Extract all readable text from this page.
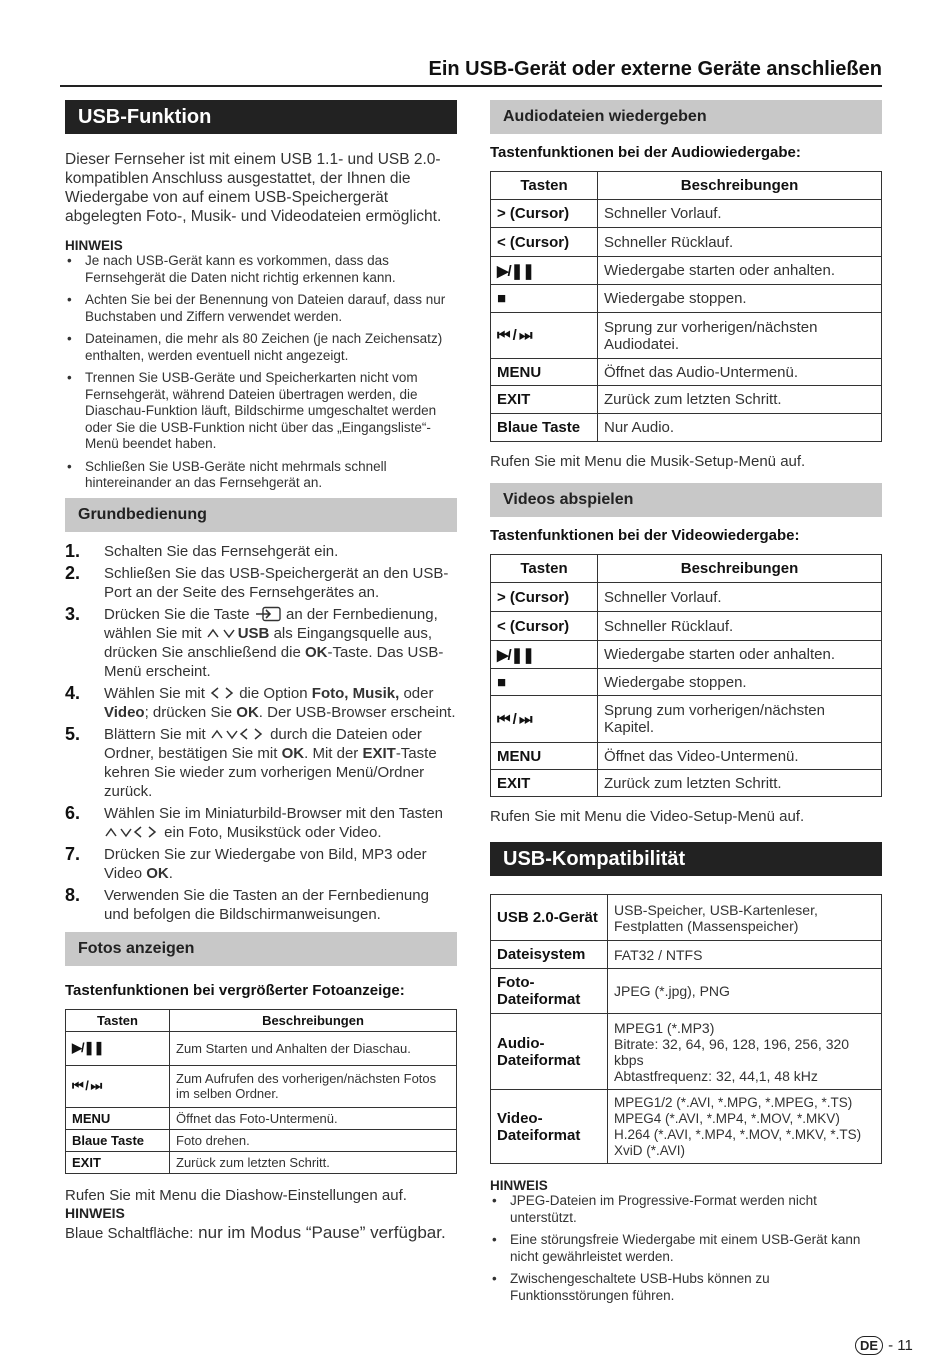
Ein USB-Gerät oder externe Geräte anschließen
USB-Funktion

Dieser Fernseher ist mit einem USB 1.1- und USB 2.0-kompatiblen Anschluss ausgestattet, der Ihnen die Wiedergabe von auf einem USB-Speichergerät abgelegten Foto-, Musik- und Videodateien ermöglicht.

HINWEIS
• Je nach USB-Gerät kann es vorkommen, dass das Fernsehgerät die Daten nicht richtig erkennen kann.
• Achten Sie bei der Benennung von Dateien darauf, dass nur Buchstaben und Ziffern verwendet werden.
• Dateinamen, die mehr als 80 Zeichen (je nach Zeichensatz) enthalten, werden eventuell nicht angezeigt.
• Trennen Sie USB-Geräte und Speicherkarten nicht vom Fernsehgerät, während Dateien übertragen werden, die Diaschau-Funktion läuft, Bildschirme umgeschaltet werden oder Sie die USB-Funktion nicht über das „Eingangsliste“-Menü beendet haben.
• Schließen Sie USB-Geräte nicht mehrmals schnell hintereinander an das Fernsehgerät an.
Grundbedienung
1.	Schalten Sie das Fernsehgerät ein.
2.	Schließen Sie das USB-Speichergerät an den USB-Port an der Seite des Fernsehgerätes an.
3.	Drücken Sie die Taste an der Fernbedienung, wählen Sie mit USB als Eingangsquelle aus, drücken Sie anschließend die OK-Taste. Das USB-Menü erscheint.
4.	Wählen Sie mit die Option Foto, Musik, oder Video; drücken Sie OK. Der USB-Browser erscheint.
5.	Blättern Sie mit	durch die Dateien oder Ordner, bestätigen Sie mit OK. Mit der EXIT-Taste kehren Sie wieder zum vorherigen Menü/Ordner zurück.
6.	Wählen Sie im Miniaturbild-Browser mit den Tasten  ein Foto, Musikstück oder Video.
7.	Drücken Sie zur Wiedergabe von Bild, MP3 oder Video OK.
8.	Verwenden Sie die Tasten an der Fernbedienung und befolgen die Bildschirmanweisungen.
Fotos anzeigen
Tastenfunktionen bei vergrößerter Fotoanzeige:
Tasten	Beschreibungen
▶/❚❚	Zum Starten und Anhalten der Diaschau.
⏮ / ⏭	Zum Aufrufen des vorherigen/nächsten Fotos im selben Ordner.
MENU	Öffnet das Foto-Untermenü.
Blaue Taste	Foto drehen.
EXIT	Zurück zum letzten Schritt.
Rufen Sie mit Menu die Diashow-Einstellungen auf.
HINWEIS
Blaue Schaltfläche: nur im Modus “Pause” verfügbar.
Audiodateien wiedergeben
Tastenfunktionen bei der Audiowiedergabe:
Tasten	Beschreibungen
> (Cursor)	Schneller Vorlauf.
< (Cursor)	Schneller Rücklauf.
▶/❚❚	Wiedergabe starten oder anhalten.
■	Wiedergabe stoppen.
⏮ / ⏭	Sprung zur vorherigen/nächsten Audiodatei.
MENU	Öffnet das Audio-Untermenü.
EXIT	Zurück zum letzten Schritt.
Blaue Taste	Nur Audio.
Rufen Sie mit Menu die Musik-Setup-Menü auf.
Videos abspielen
Tastenfunktionen bei der Videowiedergabe:
Tasten	Beschreibungen
> (Cursor)	Schneller Vorlauf.
< (Cursor)	Schneller Rücklauf.
▶/❚❚	Wiedergabe starten oder anhalten.
■	Wiedergabe stoppen.
⏮ / ⏭	Sprung zum vorherigen/nächsten Kapitel.
MENU	Öffnet das Video-Untermenü.
EXIT	Zurück zum letzten Schritt.
Rufen Sie mit Menu die Video-Setup-Menü auf.
USB-Kompatibilität
USB 2.0-Gerät	USB-Speicher, USB-Kartenleser, Festplatten (Massenspeicher)
Dateisystem	FAT32 / NTFS
Foto-Dateiformat	JPEG (*.jpg), PNG
Audio-Dateiformat	MPEG1 (*.MP3)
Bitrate: 32, 64, 96, 128, 196, 256, 320 kbps
Abtastfrequenz: 32, 44,1, 48 kHz
Video-Dateiformat	MPEG1/2 (*.AVI, *.MPG, *.MPEG, *.TS)
MPEG4 (*.AVI, *.MP4, *.MOV, *.MKV)
H.264 (*.AVI, *.MP4, *.MOV, *.MKV, *.TS)
XviD (*.AVI)
HINWEIS
• JPEG-Dateien im Progressive-Format werden nicht unterstützt.
• Eine störungsfreie Wiedergabe mit einem USB-Gerät kann nicht gewährleistet werden.
• Zwischengeschaltete USB-Hubs können zu Funktionsstörungen führen.
DE - 11
